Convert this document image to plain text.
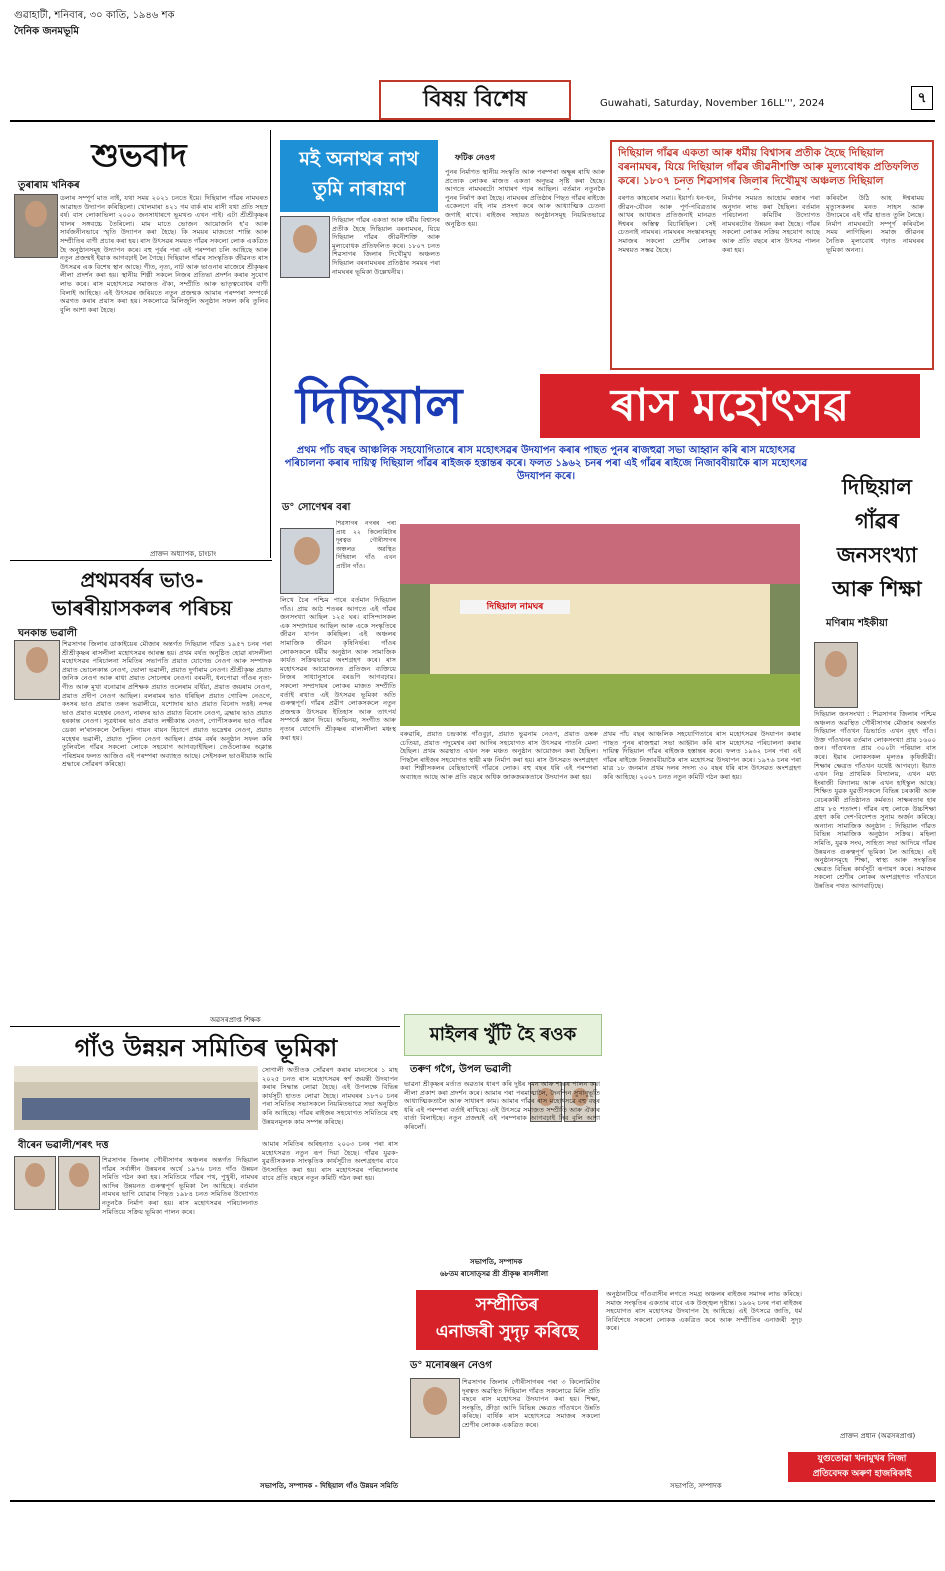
গুৱাহাটী, শনিবাৰ, ৩০ কাতি, ১৯৪৬ শক
দৈনিক জনমভূমি
বিষয় বিশেষ	Guwahati, Saturday, November 16LL''', 2024	৭
শুভবাদ
তুৰাৰাম খনিকৰ
ডলাৰ সম্পূৰ্ণ মাত নাই, যথা সময় ২০২১ চনতে ইয়ে। দিছিয়াল গাঁৱৰ নামঘৰত আৱাহত উদ্যাপন কৰিছিলো। খোলমাৰা ৪২১ গম বাৰ্ক ৰাম ৰাসী যথা প্ৰতি সহস্ৰ বৰ্ষ। বাস লোকাভিলা ২০০০ জনসাধাৰণে ভূমখণ্ড এখন পাই। এটা শ্ৰীশ্ৰীকৃষ্ণৰ খালৰ সঙ্গবচ্চে তৈৰিলো। মাম মাতে ভোজন আয়োজনি হ'ব আৰু সাৰ্বজনীনভাবে স্মৃতি উদ্যাপন কৰা হৈছে। কি সময়ৰ মাজতো শান্তি আৰু সম্প্ৰীতিৰ বাণী প্ৰচাৰ কৰা হয়। ৰাস উৎসৱৰ সময়ত গাঁৱৰ সকলো লোক একত্ৰিত হৈ অনুষ্ঠানসমূহ উদ্যাপন কৰে। বহু পূৰ্বৰ পৰা এই পৰম্পৰা চলি আহিছে আৰু নতুন প্ৰজন্মই ইয়াক আগবঢ়াই লৈ গৈছে। দিছিয়াল গাঁৱৰ সাংস্কৃতিক জীৱনত ৰাস উৎসৱৰ এক বিশেষ স্থান আছে। গীত, নৃত্য, নাট আৰু ভাওনাৰ মাজেৰে শ্ৰীকৃষ্ণৰ লীলা প্ৰদৰ্শন কৰা হয়। স্থানীয় শিল্পী সকলে নিজৰ প্ৰতিভা প্ৰদৰ্শন কৰাৰ সুযোগ লাভ কৰে। ৰাস মহোৎসৱে সমাজত ঐক্য, সম্প্ৰীতি আৰু ভাতৃত্ববোধৰ বাণী বিলাই আহিছে। এই উৎসৱৰ জৰিয়তে নতুন প্ৰজন্মক আমাৰ পৰম্পৰা সম্পৰ্কে অৱগত কৰাৰ প্ৰয়াস কৰা হয়। সকলোৱে মিলিজুলি অনুষ্ঠান সফল কৰি তুলিব বুলি আশা কৰা হৈছে।
প্ৰাক্তন অধ্যাপক, চাংচাং
মই অনাথৰ নাথ
তুমি নাৰায়ণ
ফটিক নেওগ
দিছিয়াল গাঁৱৰ একতা আৰু ধৰ্মীয় বিশ্বাসৰ প্ৰতীক হৈছে দিছিয়াল বৰনামঘৰ, যিয়ে দিছিয়াল গাঁৱৰ জীৱনীশক্তি আৰু মূল্যবোধক প্ৰতিফলিত কৰে। ১৮০৭ চনত শিৱসাগৰ জিলাৰ দিখৌমুখ অঞ্চলত দিছিয়াল বৰনামঘৰৰ প্ৰতিষ্ঠাৰ সময়ৰ পৰা নামঘৰৰ ভূমিকা উল্লেখনীয়।
পুনৰ নিৰ্মাণত স্থানীয় সংস্কৃতি আৰু পৰম্পৰা অক্ষুন্ন ৰাখি আৰু প্ৰত্যেক লোকৰ মাজত একতা অনুভৱ সৃষ্টি কৰা হৈছে। আগতে নামঘৰটো সাধাৰণ গঢ়ৰ আছিল। বৰ্তমান নতুনকৈ পুনৰ নিৰ্মাণ কৰা হৈছে। নামঘৰৰ প্ৰতিষ্ঠাৰ পিছত গাঁৱৰ ৰাইজে একেলগে বহি নাম প্ৰসংগ কৰে আৰু আধ্যাত্মিক চেতনা জগাই ৰাখে। ৰাইজৰ সহায়ত অনুষ্ঠানসমূহ নিয়মিতভাৱে অনুষ্ঠিত হয়।
দিছিয়াল গাঁৱৰ একতা আৰু ধৰ্মীয় বিশ্বাসৰ প্ৰতীক হৈছে দিছিয়াল বৰনামঘৰ, যিয়ে দিছিয়াল গাঁৱৰ জীৱনীশক্তি আৰু মূল্যবোধক প্ৰতিফলিত কৰে। ১৮০৭ চনত শিৱসাগৰ জিলাৰ দিখৌমুখ অঞ্চলত দিছিয়াল
বৰণত কাহৰোৰ সমা।। ইয়াৰ্ণ। ধন-ধন, জীৱন-যৌবন আৰু পূৰ্ণ-পবিত্ৰতাৰ আখৰ আধাৰত প্ৰতিজনাই মানৱত ঈশ্বৰৰ অস্তিত্ব বিচাৰিছিল। সেই চেতনাই নামঘৰ। নামঘৰৰ সংস্কাৰসমূহ সমাজৰ সকলো শ্ৰেণীৰ লোকৰ সমন্বয়ত সম্ভৱ হৈছে।
নিৰ্মাণৰ সময়ত আহোম ৰজাৰ পৰা অনুদান লাভ কৰা হৈছিল। বৰ্তমান পৰিচালনা কমিটিৰ উদ্যোগত নামঘৰটোৰ উন্নয়ন কৰা হৈছে। গাঁৱৰ সকলো লোকৰ সক্ৰিয় সহযোগ আছে আৰু প্ৰতি বছৰে ৰাস উৎসৱ পালন কৰা হয়।
কৰিবলৈ উঠি আহ ঈশ্বৰাময় মৃত্যুসকলৰ মনত সাহস আৰু উদ্যমেৰে এই গাঁৱ হাতত তুলি লৈছে। নিৰ্মাণ নামঘৰটো সম্পূৰ্ণ কৰিবলৈ সময় লাগিছিল। সমাজ জীৱনৰ নৈতিক মূল্যবোধ গঢ়াত নামঘৰৰ ভূমিকা অনন্য।
দিছিয়াল	ৰাস মহোৎসৱ
প্ৰথম পাঁচ বছৰ আঞ্চলিক সহযোগিতাৰে ৰাস মহোৎসৱৰ উদযাপন কৰাৰ পাছত পুনৰ ৰাজহুৱা সভা আহ্বান কৰি ৰাস মহোৎসৱ পৰিচালনা কৰাৰ দায়িত্ব দিছিয়াল গাঁৱৰ ৰাইজক হস্তান্তৰ কৰে। ফলত ১৯৬২ চনৰ পৰা এই গাঁৱৰ ৰাইজে নিজাববীয়াকৈ ৰাস মহোৎসৱ উদযাপন কৰে।	দিছিয়াল
গাঁৱৰ
জনসংখ্যা
আৰু শিক্ষা
মণিৰাম শইকীয়া
দিছিয়াল জনসংখ্যা : শিৱসাগৰ জিলাৰ পশ্চিম অঞ্চলত অৱস্থিত গৌৰীসাগৰ মৌজাৰ অন্তৰ্গত দিছিয়াল গাঁওখন ডিভাৰ্চত এখন বৃহৎ গাঁও। উক্ত গাঁওখনৰ বৰ্তমান লোকসংখ্যা প্ৰায় ১৬০০ জন। গাঁওখনত প্ৰায় ৩০০টা পৰিয়াল বাস কৰে। ইয়াৰ লোকসকল মূলতঃ কৃষিজীৱী। শিক্ষাৰ ক্ষেত্ৰত গাঁওখন যথেষ্ট আগবঢ়া। ইয়াত এখন নিম্ন প্ৰাথমিক বিদ্যালয়, এখন মধ্য ইংৰাজী বিদ্যালয় আৰু এখন হাইস্কুল আছে। শিক্ষিত যুৱক যুৱতীসকলে বিভিন্ন চৰকাৰী আৰু বেচৰকাৰী প্ৰতিষ্ঠানত কৰ্মৰত। সাক্ষৰতাৰ হাৰ প্ৰায় ৮৫ শতাংশ। গাঁৱৰ বহু লোকে উচ্চশিক্ষা গ্ৰহণ কৰি দেশ-বিদেশত সুনাম অৰ্জন কৰিছে। অন্যান্য সামাজিক অনুষ্ঠান : দিছিয়াল গাঁৱত বিভিন্ন সামাজিক অনুষ্ঠান সক্ৰিয়। মহিলা সমিতি, যুৱক সংঘ, সাহিত্য সভা আদিয়ে গাঁৱৰ উন্নয়নত গুৰুত্বপূৰ্ণ ভূমিকা লৈ আহিছে। এই অনুষ্ঠানসমূহে শিক্ষা, স্বাস্থ্য আৰু সংস্কৃতিৰ ক্ষেত্ৰত বিভিন্ন কাৰ্যসূচী ৰূপায়ণ কৰে। সমাজৰ সকলো শ্ৰেণীৰ লোকৰ অংশগ্ৰহণত গাঁওখনে উন্নতিৰ পথত আগবাঢ়িছে।
প্ৰাক্তন প্ৰধান (অৱসৰপ্ৰাপ্ত)
যুগুতোৱা খনামুখৰ নিজা
প্ৰতিবেদক অৰুণ হাজৰিকাই
ড° সোণেশ্বৰ বৰা
শিৱসাগৰ নগৰৰ পৰা প্ৰায় ২২ কিলোমিটাৰ দূৰত্বত গৌৰীসাগৰ অঞ্চলত অৱস্থিত দিছিয়াল গাঁও এখন প্ৰাচীন গাঁও।
দিছিয়াল নামঘৰ
লিখে চৈৰ পশ্চিম পাৰে বৰ্তমান দিছিয়াল গাঁও। প্ৰায় আঠ শতৰৰ আগতে এই গাঁৱৰ জনসংখ্যা আছিল ১২৫ ঘৰ। বাসিন্দাসকল এক সম্প্ৰদায়ৰ আছিল আৰু একে সংস্কৃতিৰে জীৱন যাপন কৰিছিল। এই অঞ্চলৰ সামাজিক জীৱন কৃষিনিৰ্ভৰ। গাঁওৰ লোকসকলে ধৰ্মীয় অনুষ্ঠান আৰু সামাজিক কাৰ্যত সক্ৰিয়ভাৱে অংশগ্ৰহণ কৰে। ৰাস মহোৎসৱৰ আয়োজনত প্ৰতিজন ব্যক্তিয়ে নিজৰ সাধ্যানুসাৰে বৰঙণি আগবঢ়ায়। সকলো সম্প্ৰদায়ৰ লোকৰ মাজত সম্প্ৰীতি বৰ্তাই ৰখাত এই উৎসৱৰ ভূমিকা অতি গুৰুত্বপূৰ্ণ। গাঁৱৰ প্ৰৱীণ লোকসকলে নতুন প্ৰজন্মক উৎসৱৰ ইতিহাস আৰু তাৎপৰ্য সম্পৰ্কে জ্ঞান দিয়ে। অভিনয়, সংগীত আৰু নৃত্যৰ যোগেদি শ্ৰীকৃষ্ণৰ বাল্যলীলা মঞ্চস্থ কৰা হয়।	বৰুৱাৰি, প্ৰয়াত চন্দ্ৰকান্ত গাঁওবুঢ়া, প্ৰয়াত ভুৱনাম নেওগ, প্ৰয়াত ডম্বৰু চেতিয়া, প্ৰয়াত পদুমেশ্বৰ বৰা আদিৰ সহযোগত ৰাস উৎসৱৰ পাতনি মেলা হৈছিল। প্ৰথম অৱস্থাত এখন সৰু মঞ্চত অনুষ্ঠান আয়োজন কৰা হৈছিল। পিছলৈ ৰাইজৰ সহযোগত স্থায়ী মঞ্চ নিৰ্মাণ কৰা হয়। ৰাস উৎসৱত অংশগ্ৰহণ কৰা শিল্পীসকলৰ বেছিভাগেই গাঁৱৰে লোক। বহু বছৰ ধৰি এই পৰম্পৰা অব্যাহত আছে আৰু প্ৰতি বছৰে অধিক জাকজমকতাৰে উদযাপন কৰা হয়।
প্ৰথম পাঁচ বছৰ আঞ্চলিক সহযোগিতাৰে ৰাস মহোৎসৱৰ উদযাপন কৰাৰ পাছত পুনৰ ৰাজহুৱা সভা আহ্বান কৰি ৰাস মহোৎসৱ পৰিচালনা কৰাৰ দায়িত্ব দিছিয়াল গাঁৱৰ ৰাইজক হস্তান্তৰ কৰে। ফলত ১৯৬২ চনৰ পৰা এই গাঁৱৰ ৰাইজে নিজাববীয়াকৈ ৰাস মহোৎসৱ উদযাপন কৰে। ১৯৭৬ চনৰ পৰা মাত্ৰ ১৮ জনমান প্ৰথম দলৰ সদস্য ৩০ বছৰ ধৰি ৰাস উৎসৱত অংশগ্ৰহণ কৰি আহিছে। ২০০৭ চনত নতুন কমিটি গঠন কৰা হয়।
প্ৰথমবৰ্ষৰ ভাও-
ভাৰৰীয়াসকলৰ পৰিচয়
ঘনকান্ত ভৱালী
শিৱসাগৰ জিলাৰ ডাকাইয়েৰ মৌজাৰ অন্তৰ্গত দিছিয়াল গাঁৱত ১৯৫৭ চনৰ পৰা শ্ৰীশ্ৰীকৃষ্ণৰ ৰাসলীলা মহোৎসৱৰ আৰম্ভ হয়। প্ৰথম বৰ্ষত অনুষ্ঠিত হোৱা ৰাসলীলা মহোৎসৱৰ পৰিচালনা সমিতিৰ সভাপতি প্ৰয়াত যোগেন্দ্ৰ নেওগ আৰু সম্পাদক প্ৰয়াত ভোলেকান্ত নেওগ, ভোলা ভৱালী, প্ৰয়াত দুৰ্গাৰাম নেওগ। শ্ৰীশ্ৰীকৃষ্ণ প্ৰয়াত জনিক নেওগ আৰু ৰাধা প্ৰয়াত সোনেশ্বৰ নেওগ। বৰমনী, ধনপোৱা গাঁওৰ নৃত্য-গীত আৰু মূখা বনোৱাৰ প্ৰশিক্ষক প্ৰয়াত তলেৰাম বৰ্ধিয়া, প্ৰয়াত জয়ৰাম নেওগ, প্ৰয়াত প্ৰদীপ নেওগ আছিল। বলৰামৰ ভাও ধৰিছিল প্ৰয়াত গোবিন্দ নেওগে, কংসৰ ভাও প্ৰয়াত তৰুন ভৱালীয়ে, যশোদাৰ ভাও প্ৰয়াত বিনোদ দত্তই। নন্দৰ ভাও প্ৰয়াত মহেশ্বৰ নেওগ, নাৰদৰ ভাও প্ৰয়াত বিনোদ নেওগ, ব্ৰহ্মাৰ ভাও প্ৰয়াত হৰকান্ত নেওগ। সূত্ৰধাৰৰ ভাও প্ৰয়াত লক্ষ্মীকান্ত নেওগ, গোপীসকলৰ ভাও গাঁৱৰ ডেকা ল'ৰাসকলে লৈছিল। গায়ন বায়ন হিচাপে প্ৰয়াত ভদ্ৰেশ্বৰ নেওগ, প্ৰয়াত মহেশ্বৰ ভৱালী, প্ৰয়াত পুলিন নেওগ আছিল। প্ৰথম বৰ্ষৰ অনুষ্ঠান সফল কৰি তুলিবলৈ গাঁৱৰ সকলো লোকে সহযোগ আগবঢ়াইছিল। তেওঁলোকৰ অক্লান্ত পৰিশ্ৰমৰ ফলত আজিও এই পৰম্পৰা অব্যাহত আছে। সেইসকল ভাওৰীয়াক আমি শ্ৰদ্ধাৰে সোঁৱৰণ কৰিছো।
অৱসৰপ্ৰাপ্ত শিক্ষক
গাঁও উন্নয়ন সমিতিৰ ভূমিকা
বীৰেন ভৱালী/শৰৎ দত্ত
শিৱসাগৰ জিলাৰ গৌৰীসাগৰ অঞ্চলৰ অন্তৰ্গত দিছিয়াল গাঁৱৰ সৰ্বাঙ্গীন উন্নয়নৰ অৰ্থে ১৯৭৬ চনত গাঁও উন্নয়ন সমিতি গঠন কৰা হয়। সমিতিয়ে গাঁৱৰ পথ, পুখুৰী, নামঘৰ আদিৰ উন্নয়নত গুৰুত্বপূৰ্ণ ভূমিকা লৈ আহিছে। বৰ্তমান নামঘৰ ভাগি যোৱাৰ পিছত ১৯৮৪ চনত সমিতিৰ উদ্যোগত নতুনকৈ নিৰ্মাণ কৰা হয়। ৰাস মহোৎসৱৰ পৰিচালনাত সমিতিয়ে সক্ৰিয় ভূমিকা পালন কৰে।
সোণালী অতীতক সোঁৱৰণ কৰাৰ মানসেৰে ১ মাহ ২০২৫ চনত ৰাস মহোৎসৱৰ স্বৰ্ণ জয়ন্তী উদযাপন কৰাৰ সিদ্ধান্ত লোৱা হৈছে। এই উপলক্ষে বিভিন্ন কাৰ্যসূচী হাতত লোৱা হৈছে। নামঘৰৰ ১৮৭০ চনৰ পৰা সমিতিৰ সভাসকলে নিয়মিতভাৱে সভা অনুষ্ঠিত কৰি আহিছে। গাঁৱৰ ৰাইজৰ সহযোগত সমিতিয়ে বহু উন্নয়নমূলক কাম সম্পন্ন কৰিছে।
আমাৰ সমিতিৰ অৰিহনাত ২০০৩ চনৰ পৰা ৰাস মহোৎসৱত নতুন ৰূপ দিয়া হৈছে। গাঁৱৰ যুৱক-যুৱতীসকলক সাংস্কৃতিক কাৰ্যসূচীত অংশগ্ৰহণৰ বাবে উৎসাহিত কৰা হয়। ৰাস মহোৎসৱৰ পৰিচালনাৰ বাবে প্ৰতি বছৰে নতুন কমিটি গঠন কৰা হয়।
সভাপতি, সম্পাদক - দিছিয়াল গাঁও উন্নয়ন সমিতি
মাইলৰ খুঁটি হৈ ৰওক
তৰুণ গগৈ, উপল ভৱালী
ভাৱনা শ্ৰীকৃষ্ণৰ মৰ্ত্যত অৱতাৰ ধাৰণ কৰি দুষ্টৰ দমন আৰু শান্তৰ পালন কৰা লীলা প্ৰকাশ কৰা প্ৰদৰ্শন কৰে। আমাৰ পৰা পৰমাত্মালৈ, দৈনন্দিন সুখানুভূতি আধ্যাত্মিকতালৈ আৰু সাধাৰণ কাম। আমাৰ গাঁৱৰ ৰাস মহোৎসৱে বহু বছৰ ধৰি এই পৰম্পৰা বৰ্তাই ৰাখিছে। এই উৎসৱে সমাজত সম্প্ৰীতি আৰু ঐক্যৰ বাৰ্তা বিলাইছে। নতুন প্ৰজন্মই এই পৰম্পৰাক আগবঢ়াই নিব বুলি আশা কৰিলোঁ।
সভাপতি, সম্পাদক
৬৮তম ৰাসোত্সৱ শ্ৰী শ্ৰীকৃষ্ণ ৰাসলীলা
সম্প্ৰীতিৰ
এনাজৰী সুদৃঢ় কৰিছে
ড° মনোৰঞ্জন নেওগ
শিৱসাগৰ জিলাৰ গৌৰীসাগৰৰ পৰা ৩ কিলোমিটাৰ দূৰত্বত অৱস্থিত দিছিয়াল গাঁৱত সকলোৱে মিলি প্ৰতি বছৰে ৰাস মহোৎসৱ উদযাপন কৰা হয়। শিক্ষা, সংস্কৃতি, ক্ৰীড়া আদি বিভিন্ন ক্ষেত্ৰত গাঁওখনে উন্নতি কৰিছে। বাৰ্ষিক ৰাস মহোৎসৱে সমাজৰ সকলো শ্ৰেণীৰ লোকক একত্ৰিত কৰে।
অনুষ্ঠানটিয়ে গাঁওবাসীৰ লগতে সমগ্ৰ অঞ্চলৰ ৰাইজৰ সমাদৰ লাভ কৰিছে। সমাজ সংস্কৃতিৰ একতাৰ বাবে এক উজ্জ্বল দৃষ্টান্ত। ১৯৬২ চনৰ পৰা ৰাইজৰ সহযোগত ৰাস মহোৎসৱ উদযাপন হৈ আহিছে। এই উৎসৱে জাতি, ধৰ্ম নিৰ্বিশেষে সকলো লোকক একত্ৰিত কৰে আৰু সম্প্ৰীতিৰ এনাজৰী সুদৃঢ় কৰে।
সভাপতি, সম্পাদক
